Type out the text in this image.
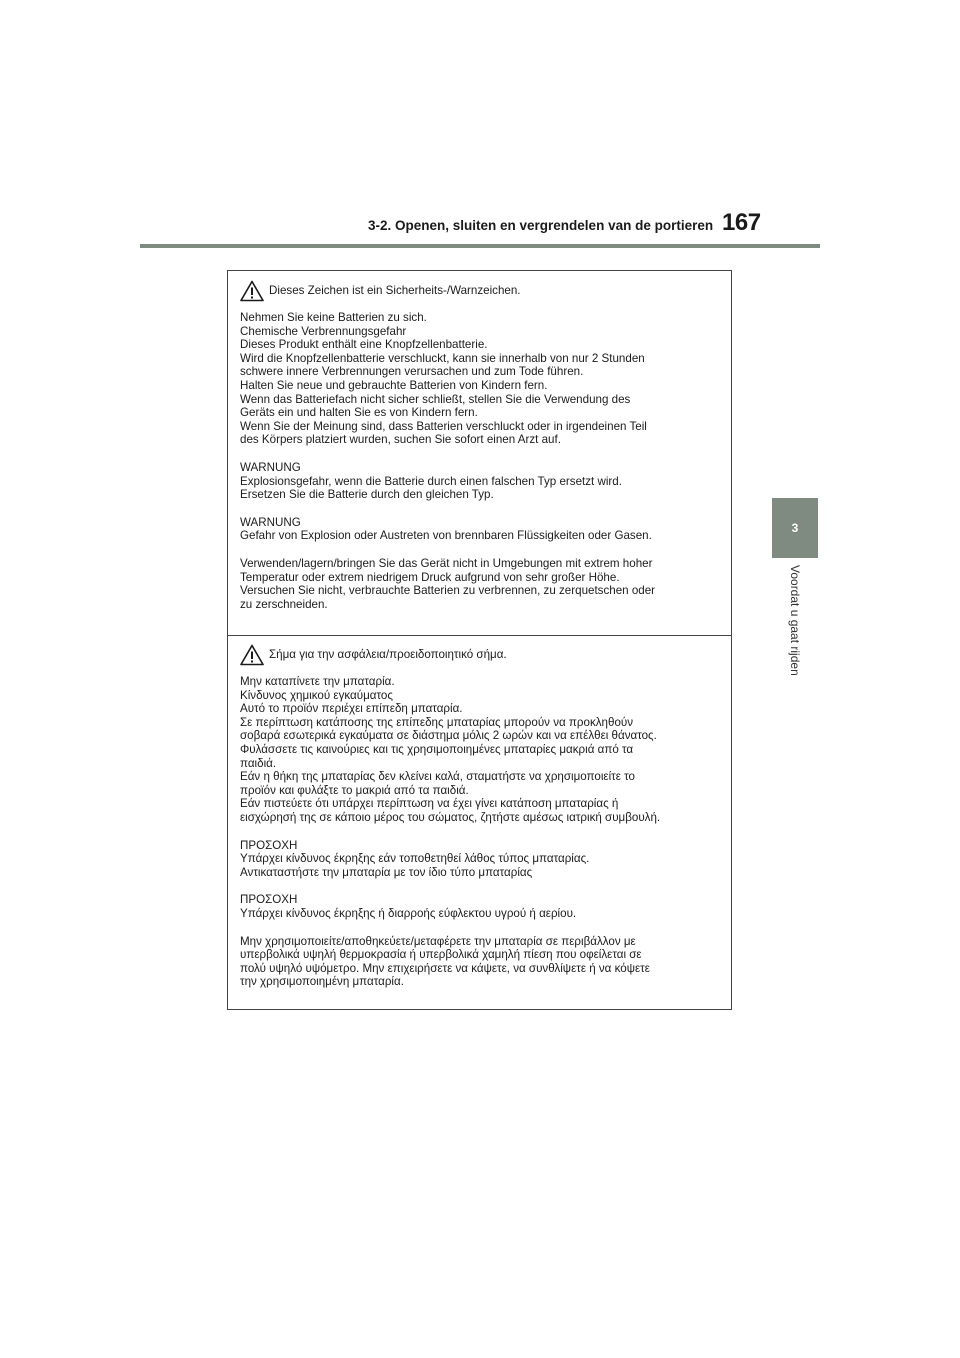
3-2. Openen, sluiten en vergrendelen van de portieren 167
3
Voordat u gaat rijden
Dieses Zeichen ist ein Sicherheits-/Warnzeichen.
Nehmen Sie keine Batterien zu sich.
Chemische Verbrennungsgefahr
Dieses Produkt enthält eine Knopfzellenbatterie.
Wird die Knopfzellenbatterie verschluckt, kann sie innerhalb von nur 2 Stunden
schwere innere Verbrennungen verursachen und zum Tode führen.
Halten Sie neue und gebrauchte Batterien von Kindern fern.
Wenn das Batteriefach nicht sicher schließt, stellen Sie die Verwendung des
Geräts ein und halten Sie es von Kindern fern.
Wenn Sie der Meinung sind, dass Batterien verschluckt oder in irgendeinen Teil
des Körpers platziert wurden, suchen Sie sofort einen Arzt auf.
WARNUNG
Explosionsgefahr, wenn die Batterie durch einen falschen Typ ersetzt wird.
Ersetzen Sie die Batterie durch den gleichen Typ.
WARNUNG
Gefahr von Explosion oder Austreten von brennbaren Flüssigkeiten oder Gasen.
Verwenden/lagern/bringen Sie das Gerät nicht in Umgebungen mit extrem hoher
Temperatur oder extrem niedrigem Druck aufgrund von sehr großer Höhe.
Versuchen Sie nicht, verbrauchte Batterien zu verbrennen, zu zerquetschen oder
zu zerschneiden.
Σήμα για την ασφάλεια/προειδοποιητικό σήμα.
Μην καταπίνετε την μπαταρία.
Κίνδυνος χημικού εγκαύματος
Αυτό το προϊόν περιέχει επίπεδη μπαταρία.
Σε περίπτωση κατάποσης της επίπεδης μπαταρίας μπορούν να προκληθούν
σοβαρά εσωτερικά εγκαύματα σε διάστημα μόλις 2 ωρών και να επέλθει θάνατος.
Φυλάσσετε τις καινούριες και τις χρησιμοποιημένες μπαταρίες μακριά από τα
παιδιά.
Εάν η θήκη της μπαταρίας δεν κλείνει καλά, σταματήστε να χρησιμοποιείτε το
προϊόν και φυλάξτε το μακριά από τα παιδιά.
Εάν πιστεύετε ότι υπάρχει περίπτωση να έχει γίνει κατάποση μπαταρίας ή
εισχώρησή της σε κάποιο μέρος του σώματος, ζητήστε αμέσως ιατρική συμβουλή.
ΠΡΟΣΟΧΗ
Υπάρχει κίνδυνος έκρηξης εάν τοποθετηθεί λάθος τύπος μπαταρίας.
Αντικαταστήστε την μπαταρία με τον ίδιο τύπο μπαταρίας
ΠΡΟΣΟΧΗ
Υπάρχει κίνδυνος έκρηξης ή διαρροής εύφλεκτου υγρού ή αερίου.
Μην χρησιμοποιείτε/αποθηκεύετε/μεταφέρετε την μπαταρία σε περιβάλλον με
υπερβολικά υψηλή θερμοκρασία ή υπερβολικά χαμηλή πίεση που οφείλεται σε
πολύ υψηλό υψόμετρο. Μην επιχειρήσετε να κάψετε, να συνθλίψετε ή να κόψετε
την χρησιμοποιημένη μπαταρία.
